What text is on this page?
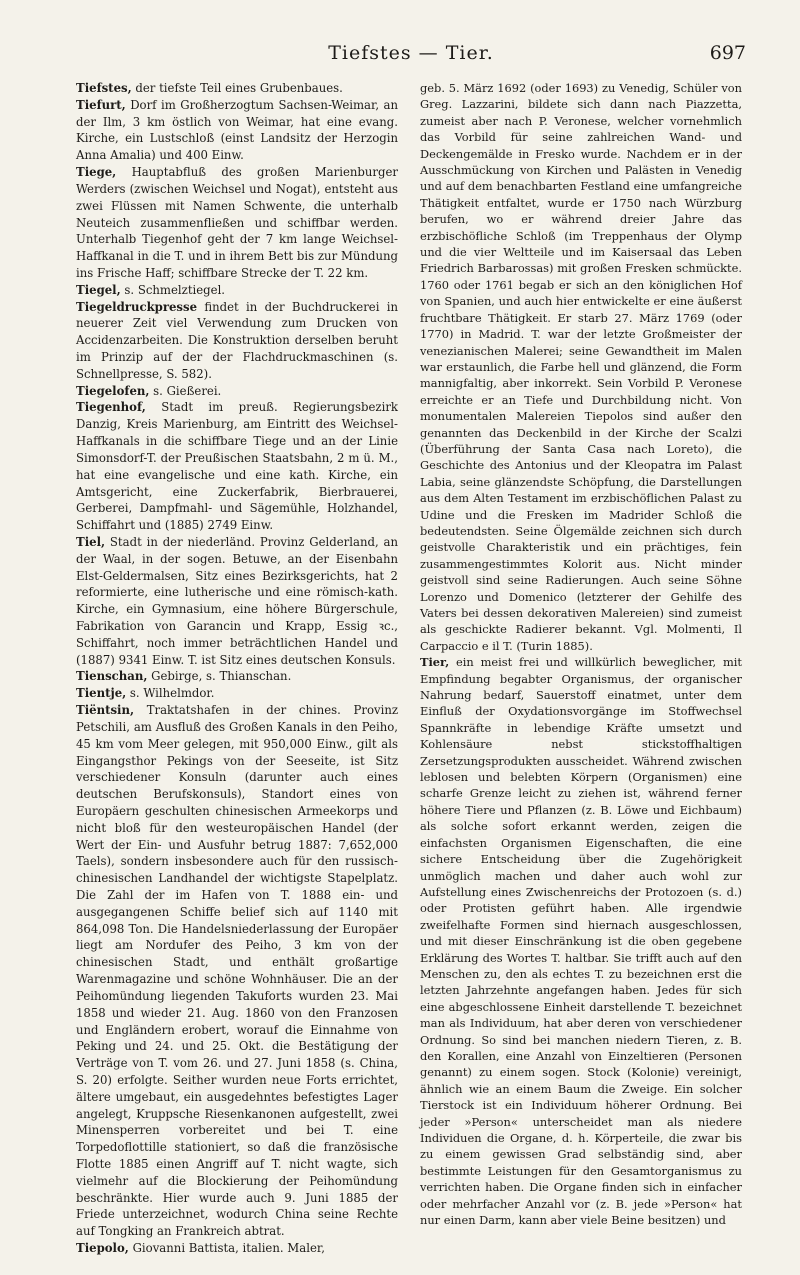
Tiefstes — Tier.	697

Tiefstes, der tiefste Teil eines Grubenbaues.

Tiefurt, Dorf im Großherzogtum Sachsen-Weimar, an der Ilm, 3 km östlich von Weimar, hat eine evang. Kirche, ein Lustschloß (einst Landsitz der Herzogin Anna Amalia) und 400 Einw.

Tiege, Hauptabfluß des großen Marienburger Werders (zwischen Weichsel und Nogat), entsteht aus zwei Flüssen mit Namen Schwente, die unterhalb Neuteich zusammenfließen und schiffbar werden. Unterhalb Tiegenhof geht der 7 km lange Weichsel-Haffkanal in die T. und in ihrem Bett bis zur Mündung ins Frische Haff; schiffbare Strecke der T. 22 km.

Tiegel, s. Schmelztiegel.

Tiegeldruckpresse findet in der Buchdruckerei in neuerer Zeit viel Verwendung zum Drucken von Accidenzarbeiten. Die Konstruktion derselben beruht im Prinzip auf der der Flachdruckmaschinen (s. Schnellpresse, S. 582).

Tiegelofen, s. Gießerei.

Tiegenhof, Stadt im preuß. Regierungsbezirk Danzig, Kreis Marienburg, am Eintritt des Weichsel-Haffkanals in die schiffbare Tiege und an der Linie Simonsdorf-T. der Preußischen Staatsbahn, 2 m ü. M., hat eine evangelische und eine kath. Kirche, ein Amtsgericht, eine Zuckerfabrik, Bierbrauerei, Gerberei, Dampfmahl- und Sägemühle, Holzhandel, Schiffahrt und (1885) 2749 Einw.

Tiel, Stadt in der niederländ. Provinz Gelderland, an der Waal, in der sogen. Betuwe, an der Eisenbahn Elst-Geldermalsen, Sitz eines Bezirksgerichts, hat 2 reformierte, eine lutherische und eine römisch-kath. Kirche, ein Gymnasium, eine höhere Bürgerschule, Fabrikation von Garancin und Krapp, Essig ꝛc., Schiffahrt, noch immer beträchtlichen Handel und (1887) 9341 Einw. T. ist Sitz eines deutschen Konsuls.

Tienschan, Gebirge, s. Thianschan.

Tientje, s. Wilhelmdor.

Tiëntsin, Traktatshafen in der chines. Provinz Petschili, am Ausfluß des Großen Kanals in den Peiho, 45 km vom Meer gelegen, mit 950,000 Einw., gilt als Eingangsthor Pekings von der Seeseite, ist Sitz verschiedener Konsuln (darunter auch eines deutschen Berufskonsuls), Standort eines von Europäern geschulten chinesischen Armeekorps und nicht bloß für den westeuropäischen Handel (der Wert der Ein- und Ausfuhr betrug 1887: 7,652,000 Taels), sondern insbesondere auch für den russisch-chinesischen Landhandel der wichtigste Stapelplatz. Die Zahl der im Hafen von T. 1888 ein- und ausgegangenen Schiffe belief sich auf 1140 mit 864,098 Ton. Die Handelsniederlassung der Europäer liegt am Nordufer des Peiho, 3 km von der chinesischen Stadt, und enthält großartige Warenmagazine und schöne Wohnhäuser. Die an der Peihomündung liegenden Takuforts wurden 23. Mai 1858 und wieder 21. Aug. 1860 von den Franzosen und Engländern erobert, worauf die Einnahme von Peking und 24. und 25. Okt. die Bestätigung der Verträge von T. vom 26. und 27. Juni 1858 (s. China, S. 20) erfolgte. Seither wurden neue Forts errichtet, ältere umgebaut, ein ausgedehntes befestigtes Lager angelegt, Kruppsche Riesenkanonen aufgestellt, zwei Minensperren vorbereitet und bei T. eine Torpedoflottille stationiert, so daß die französische Flotte 1885 einen Angriff auf T. nicht wagte, sich vielmehr auf die Blockierung der Peihomündung beschränkte. Hier wurde auch 9. Juni 1885 der Friede unterzeichnet, wodurch China seine Rechte auf Tongking an Frankreich abtrat.

Tiepolo, Giovanni Battista, italien. Maler,

geb. 5. März 1692 (oder 1693) zu Venedig, Schüler von Greg. Lazzarini, bildete sich dann nach Piazzetta, zumeist aber nach P. Veronese, welcher vornehmlich das Vorbild für seine zahlreichen Wand- und Deckengemälde in Fresko wurde. Nachdem er in der Ausschmückung von Kirchen und Palästen in Venedig und auf dem benachbarten Festland eine umfangreiche Thätigkeit entfaltet, wurde er 1750 nach Würzburg berufen, wo er während dreier Jahre das erzbischöfliche Schloß (im Treppenhaus der Olymp und die vier Weltteile und im Kaisersaal das Leben Friedrich Barbarossas) mit großen Fresken schmückte. 1760 oder 1761 begab er sich an den königlichen Hof von Spanien, und auch hier entwickelte er eine äußerst fruchtbare Thätigkeit. Er starb 27. März 1769 (oder 1770) in Madrid. T. war der letzte Großmeister der venezianischen Malerei; seine Gewandtheit im Malen war erstaunlich, die Farbe hell und glänzend, die Form mannigfaltig, aber inkorrekt. Sein Vorbild P. Veronese erreichte er an Tiefe und Durchbildung nicht. Von monumentalen Malereien Tiepolos sind außer den genannten das Deckenbild in der Kirche der Scalzi (Überführung der Santa Casa nach Loreto), die Geschichte des Antonius und der Kleopatra im Palast Labia, seine glänzendste Schöpfung, die Darstellungen aus dem Alten Testament im erzbischöflichen Palast zu Udine und die Fresken im Madrider Schloß die bedeutendsten. Seine Ölgemälde zeichnen sich durch geistvolle Charakteristik und ein prächtiges, fein zusammengestimmtes Kolorit aus. Nicht minder geistvoll sind seine Radierungen. Auch seine Söhne Lorenzo und Domenico (letzterer der Gehilfe des Vaters bei dessen dekorativen Malereien) sind zumeist als geschickte Radierer bekannt. Vgl. Molmenti, Il Carpaccio e il T. (Turin 1885).

Tier, ein meist frei und willkürlich beweglicher, mit Empfindung begabter Organismus, der organischer Nahrung bedarf, Sauerstoff einatmet, unter dem Einfluß der Oxydationsvorgänge im Stoffwechsel Spannkräfte in lebendige Kräfte umsetzt und Kohlensäure nebst stickstoffhaltigen Zersetzungsprodukten ausscheidet. Während zwischen leblosen und belebten Körpern (Organismen) eine scharfe Grenze leicht zu ziehen ist, während ferner höhere Tiere und Pflanzen (z. B. Löwe und Eichbaum) als solche sofort erkannt werden, zeigen die einfachsten Organismen Eigenschaften, die eine sichere Entscheidung über die Zugehörigkeit unmöglich machen und daher auch wohl zur Aufstellung eines Zwischenreichs der Protozoen (s. d.) oder Protisten geführt haben. Alle irgendwie zweifelhafte Formen sind hiernach ausgeschlossen, und mit dieser Einschränkung ist die oben gegebene Erklärung des Wortes T. haltbar. Sie trifft auch auf den Menschen zu, den als echtes T. zu bezeichnen erst die letzten Jahrzehnte angefangen haben. Jedes für sich eine abgeschlossene Einheit darstellende T. bezeichnet man als Individuum, hat aber deren von verschiedener Ordnung. So sind bei manchen niedern Tieren, z. B. den Korallen, eine Anzahl von Einzeltieren (Personen genannt) zu einem sogen. Stock (Kolonie) vereinigt, ähnlich wie an einem Baum die Zweige. Ein solcher Tierstock ist ein Individuum höherer Ordnung. Bei jeder »Person« unterscheidet man als niedere Individuen die Organe, d. h. Körperteile, die zwar bis zu einem gewissen Grad selbständig sind, aber bestimmte Leistungen für den Gesamtorganismus zu verrichten haben. Die Organe finden sich in einfacher oder mehrfacher Anzahl vor (z. B. jede »Person« hat nur einen Darm, kann aber viele Beine besitzen) und
